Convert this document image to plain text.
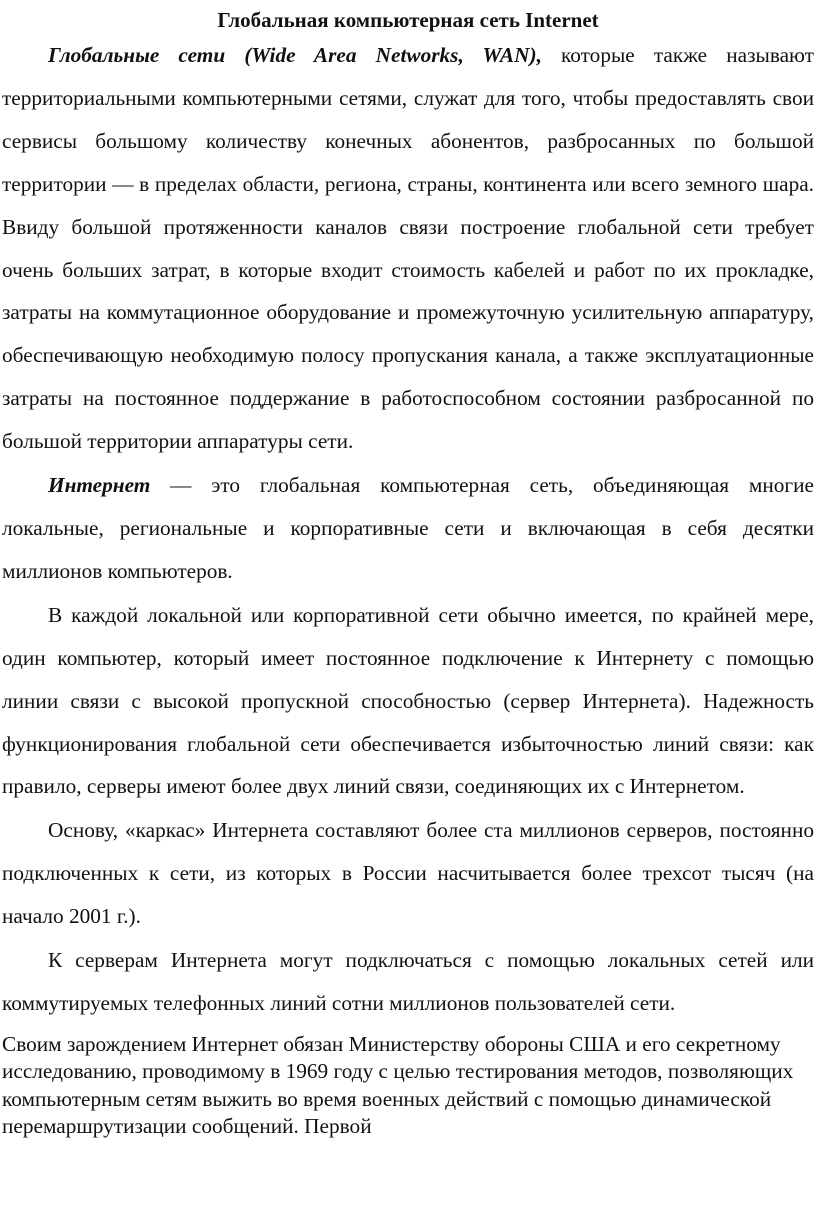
Глобальная компьютерная сеть Internet

Глобальные сети (Wide Area Networks, WAN), которые также называют территориальными компьютерными сетями, служат для того, чтобы предоставлять свои сервисы большому количеству конечных абонентов, разбросанных по большой территории — в пределах области, региона, страны, континента или всего земного шара. Ввиду большой протяженности каналов связи построение глобальной сети требует очень больших затрат, в которые входит стоимость кабелей и работ по их прокладке, затраты на коммутационное оборудование и промежуточную усилительную аппаратуру, обеспечивающую необходимую полосу пропускания канала, а также эксплуатационные затраты на постоянное поддержание в работоспособном состоянии разбросанной по большой территории аппаратуры сети.

Интернет — это глобальная компьютерная сеть, объединяющая многие локальные, региональные и корпоративные сети и включающая в себя десятки миллионов компьютеров.

В каждой локальной или корпоративной сети обычно имеется, по крайней мере, один компьютер, который имеет постоянное подключение к Интернету с помощью линии связи с высокой пропускной способностью (сервер Интернета). Надежность функционирования глобальной сети обеспечивается избыточностью линий связи: как правило, серверы имеют более двух линий связи, соединяющих их с Интернетом.

Основу, «каркас» Интернета составляют более ста миллионов серверов, постоянно подключенных к сети, из которых в России насчитывается более трехсот тысяч (на начало 2001 г.).

К серверам Интернета могут подключаться с помощью локальных сетей или коммутируемых телефонных линий сотни миллионов пользователей сети.

Своим зарождением Интернет обязан Министерству обороны США и его секретному исследованию, проводимому в 1969 году с целью тестирования методов, позволяющих компьютерным сетям выжить во время военных действий с помощью динамической перемаршрутизации сообщений. Первой
